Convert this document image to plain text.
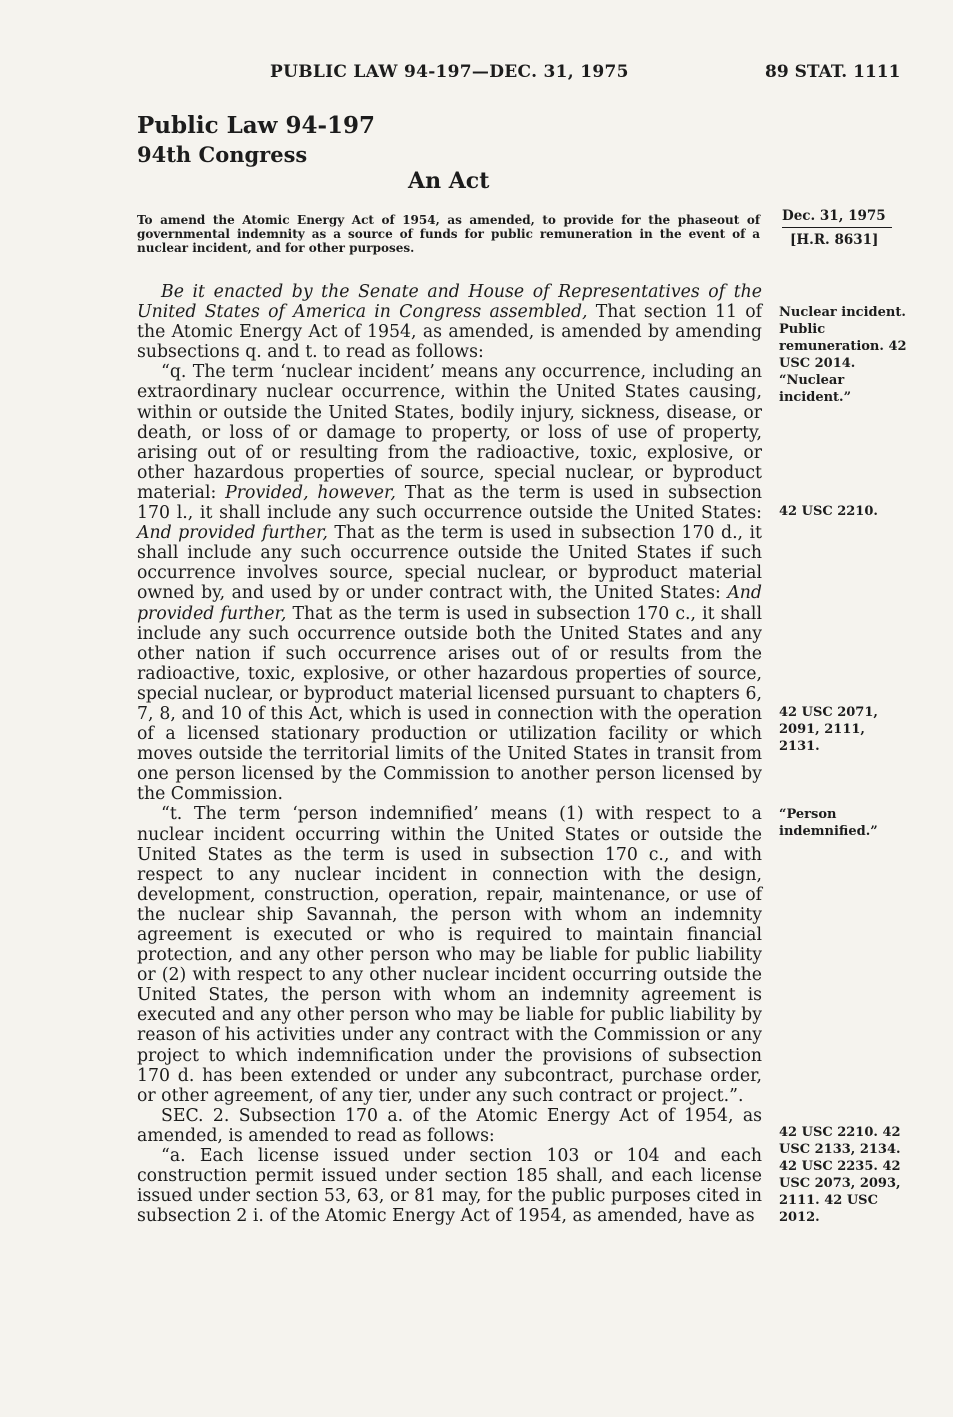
PUBLIC LAW 94-197—DEC. 31, 1975	89 STAT. 1111
Public Law 94-197
94th Congress
An Act
To amend the Atomic Energy Act of 1954, as amended, to provide for the phaseout of governmental indemnity as a source of funds for public remuneration in the event of a nuclear incident, and for other purposes.
Dec. 31, 1975
[H.R. 8631]

Be it enacted by the Senate and House of Representatives of the United States of America in Congress assembled, That section 11 of the Atomic Energy Act of 1954, as amended, is amended by amending subsections q. and t. to read as follows:

“q. The term ‘nuclear incident’ means any occurrence, including an extraordinary nuclear occurrence, within the United States causing, within or outside the United States, bodily injury, sickness, disease, or death, or loss of or damage to property, or loss of use of property, arising out of or resulting from the radioactive, toxic, explosive, or other hazardous properties of source, special nuclear, or byproduct material: Provided, however, That as the term is used in subsection 170 l., it shall include any such occurrence outside the United States: And provided further, That as the term is used in subsection 170 d., it shall include any such occurrence outside the United States if such occurrence involves source, special nuclear, or byproduct material owned by, and used by or under contract with, the United States: And provided further, That as the term is used in subsection 170 c., it shall include any such occurrence outside both the United States and any other nation if such occurrence arises out of or results from the radioactive, toxic, explosive, or other hazardous properties of source, special nuclear, or byproduct material licensed pursuant to chapters 6, 7, 8, and 10 of this Act, which is used in connection with the operation of a licensed stationary production or utilization facility or which moves outside the territorial limits of the United States in transit from one person licensed by the Commission to another person licensed by the Commission.

“t. The term ‘person indemnified’ means (1) with respect to a nuclear incident occurring within the United States or outside the United States as the term is used in subsection 170 c., and with respect to any nuclear incident in connection with the design, development, construction, operation, repair, maintenance, or use of the nuclear ship Savannah, the person with whom an indemnity agreement is executed or who is required to maintain financial protection, and any other person who may be liable for public liability or (2) with respect to any other nuclear incident occurring outside the United States, the person with whom an indemnity agreement is executed and any other person who may be liable for public liability by reason of his activities under any contract with the Commission or any project to which indemnification under the provisions of subsection 170 d. has been extended or under any subcontract, purchase order, or other agreement, of any tier, under any such contract or project.”.

SEC. 2. Subsection 170 a. of the Atomic Energy Act of 1954, as amended, is amended to read as follows:

“a. Each license issued under section 103 or 104 and each construction permit issued under section 185 shall, and each license issued under section 53, 63, or 81 may, for the public purposes cited in subsection 2 i. of the Atomic Energy Act of 1954, as amended, have as

Nuclear incident. Public remuneration. 42 USC 2014. “Nuclear incident.”
42 USC 2210.
42 USC 2071, 2091, 2111, 2131.
“Person indemnified.”
42 USC 2210. 42 USC 2133, 2134. 42 USC 2235. 42 USC 2073, 2093, 2111. 42 USC 2012.
